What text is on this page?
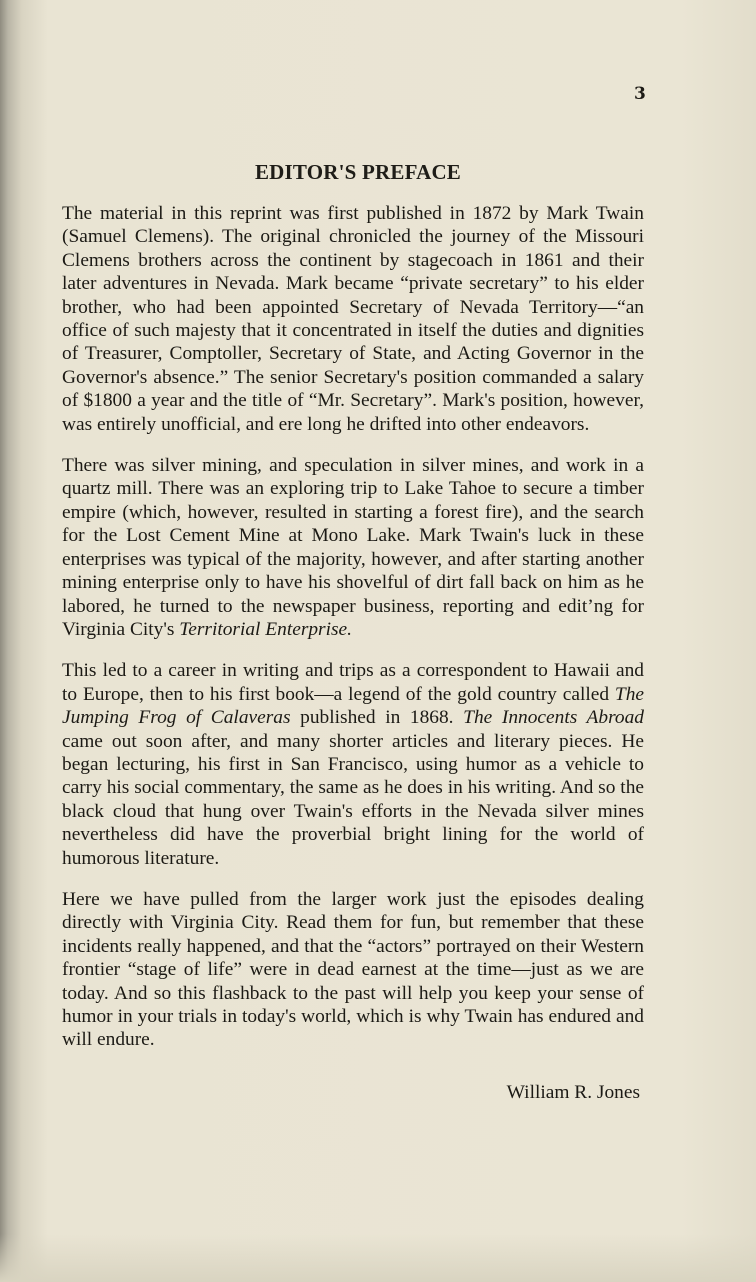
3
EDITOR'S PREFACE

The material in this reprint was first published in 1872 by Mark Twain (Samuel Clemens). The original chronicled the journey of the Missouri Clemens brothers across the continent by stagecoach in 1861 and their later adventures in Nevada. Mark became “private secretary” to his elder brother, who had been appointed Secretary of Nevada Territory—“an office of such majesty that it concentrated in itself the duties and dignities of Treasurer, Comptoller, Secretary of State, and Acting Governor in the Governor's absence.” The senior Secretary's position commanded a salary of $1800 a year and the title of “Mr. Secretary”. Mark's position, however, was entirely unofficial, and ere long he drifted into other endeavors.

There was silver mining, and speculation in silver mines, and work in a quartz mill. There was an exploring trip to Lake Tahoe to secure a timber empire (which, however, resulted in starting a forest fire), and the search for the Lost Cement Mine at Mono Lake. Mark Twain's luck in these enterprises was typical of the majority, however, and after starting another mining enterprise only to have his shovelful of dirt fall back on him as he labored, he turned to the newspaper business, reporting and edit’ng for Virginia City's Territorial Enterprise.

This led to a career in writing and trips as a correspondent to Hawaii and to Europe, then to his first book—a legend of the gold country called The Jumping Frog of Calaveras published in 1868. The Innocents Abroad came out soon after, and many shorter articles and literary pieces. He began lecturing, his first in San Francisco, using humor as a vehicle to carry his social commentary, the same as he does in his writing. And so the black cloud that hung over Twain's efforts in the Nevada silver mines nevertheless did have the proverbial bright lining for the world of humorous literature.

Here we have pulled from the larger work just the episodes dealing directly with Virginia City. Read them for fun, but remember that these incidents really happened, and that the “actors” portrayed on their Western frontier “stage of life” were in dead earnest at the time—just as we are today. And so this flashback to the past will help you keep your sense of humor in your trials in today's world, which is why Twain has endured and will endure.

William R. Jones
